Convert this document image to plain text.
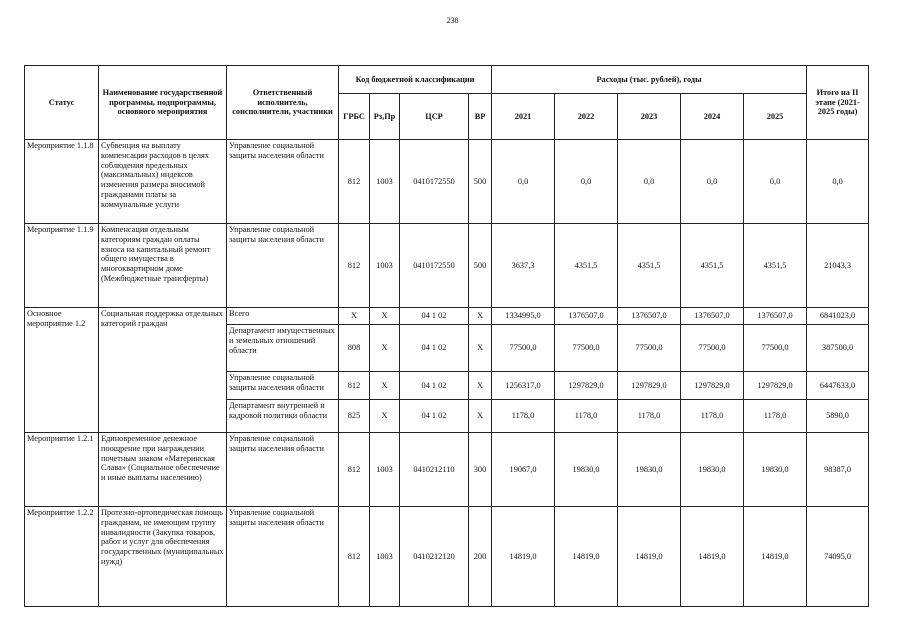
238
Статус	Наименование государственной программы, подпрограммы, основного мероприятия	Ответственный исполнитель, соисполнители, участники	Код бюджетной классификации				Расходы (тыс. рублей), годы					Итого на II этапе (2021-2025 годы)
			ГРБС	Рз,Пр	ЦСР	ВР	2021	2022	2023	2024	2025	
Мероприятие 1.1.8	Субвенция на выплату компенсации расходов в целях соблюдения предельных (максимальных) индексов изменения размера вносимой гражданами платы за коммунальные услуги	Управление социальной защиты населения области	812	1003	0410172550	500	0,0	0,0	0,0	0,0	0,0	0,0
Мероприятие 1.1.9	Компенсация отдельным категориям граждан оплаты взноса на капитальный ремонт общего имущества в многоквартирном доме (Межбюджетные трансферты)	Управление социальной защиты населения области	812	1003	0410172550	500	3637,3	4351,5	4351,5	4351,5	4351,5	21043,3
Основное мероприятие 1.2	Социальная поддержка отдельных категорий граждан	Всего	X	X	04 1 02	X	1334995,0	1376507,0	1376507,0	1376507,0	1376507,0	6841023,0
		Департамент имущественных и земельных отношений области	808	X	04 1 02	X	77500,0	77500,0	77500,0	77500,0	77500,0	387500,0
		Управление социальной защиты населения области	812	X	04 1 02	X	1256317,0	1297829,0	1297829,0	1297829,0	1297829,0	6447633,0
		Департамент внутренней и кадровой политики области	825	X	04 1 02	X	1178,0	1178,0	1178,0	1178,0	1178,0	5890,0
Мероприятие 1.2.1	Единовременное денежное поощрение при награждении почетным знаком «Материнская Слава» (Социальное обеспечение и иные выплаты населению)	Управление социальной защиты населения области	812	1003	0410212110	300	19067,0	19830,0	19830,0	19830,0	19830,0	98387,0
Мероприятие 1.2.2	Протезно-ортопедическая помощь гражданам, не имеющим группу инвалидности (Закупка товаров, работ и услуг для обеспечения государственных (муниципальных нужд)	Управление социальной защиты населения области	812	1003	0410212120	200	14819,0	14819,0	14819,0	14819,0	14819,0	74095,0
